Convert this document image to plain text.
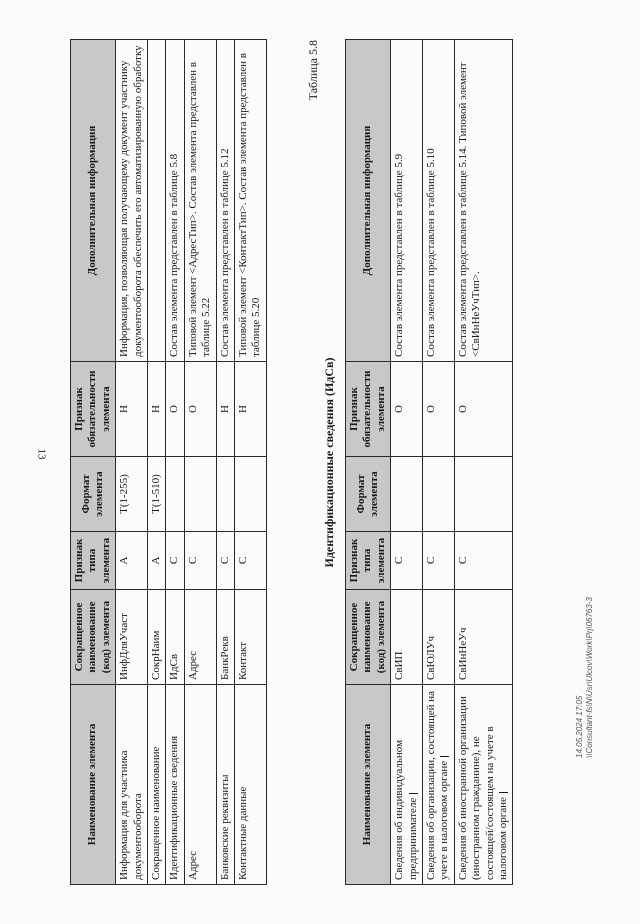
13
Наименование элемента	Сокращенное наименование (код) элемента	Признак типа элемента	Формат элемента	Признак обязательности элемента	Дополнительная информация
Информация для участника документооборота	ИнфДляУчаст	А	Т(1-255)	Н	Информация, позволяющая получающему документ участнику документооборота обеспечить его автоматизированную обработку
Сокращенное наименование	СокрНаим	А	Т(1-510)	Н	
Идентификационные сведения	ИдСв	С		О	Состав элемента представлен в таблице 5.8
Адрес	Адрес	С		О	Типовой элемент <АдресТип>. Состав элемента представлен в таблице 5.22
Банковские реквизиты	БанкРекв	С		Н	Состав элемента представлен в таблице 5.12
Контактные данные	Контакт	С		Н	Типовой элемент <КонтактТип>. Состав элемента представлен в таблице 5.20
Таблица 5.8
Идентификационные сведения (ИдСв)
Наименование элемента	Сокращенное наименование (код) элемента	Признак типа элемента	Формат элемента	Признак обязательности элемента	Дополнительная информация
Сведения об индивидуальном предпринимателе	СвИП	С		О	Состав элемента представлен в таблице 5.9
Сведения об организации, состоящей на учете в налоговом органе	СвЮЛУч	С		О	Состав элемента представлен в таблице 5.10
Сведения об иностранной организации (иностранном гражданине), не состоящей/состоящем на учете в налоговом органе	СвИнНеУч	С		О	Состав элемента представлен в таблице 5.14. Типовой элемент <СвИнНеУчТип>.
14.05.2024 17:05
\\Consultant-fs\N\Usr\Ulcov\Work\Prj\06763-3
